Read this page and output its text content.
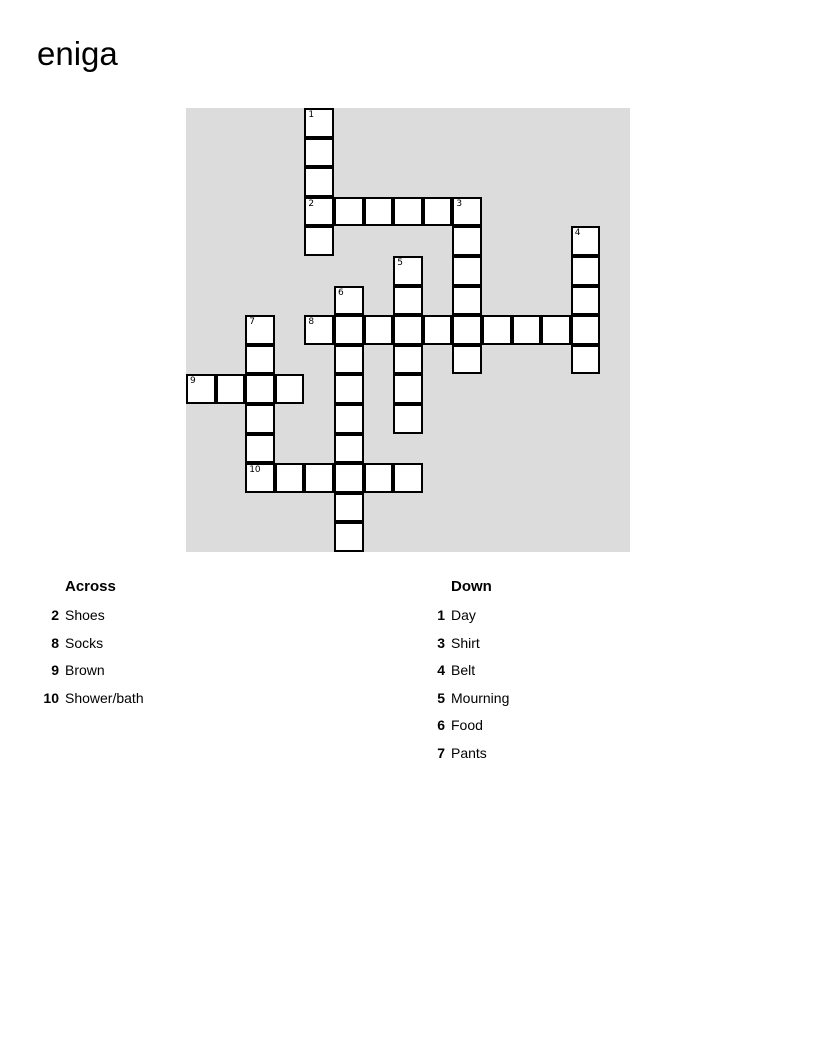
eniga
1
2	3
4
5
6
7	8
9
10
Across
2 Shoes
8 Socks
9 Brown
10 Shower/bath
Down
1 Day
3 Shirt
4 Belt
5 Mourning
6 Food
7 Pants
